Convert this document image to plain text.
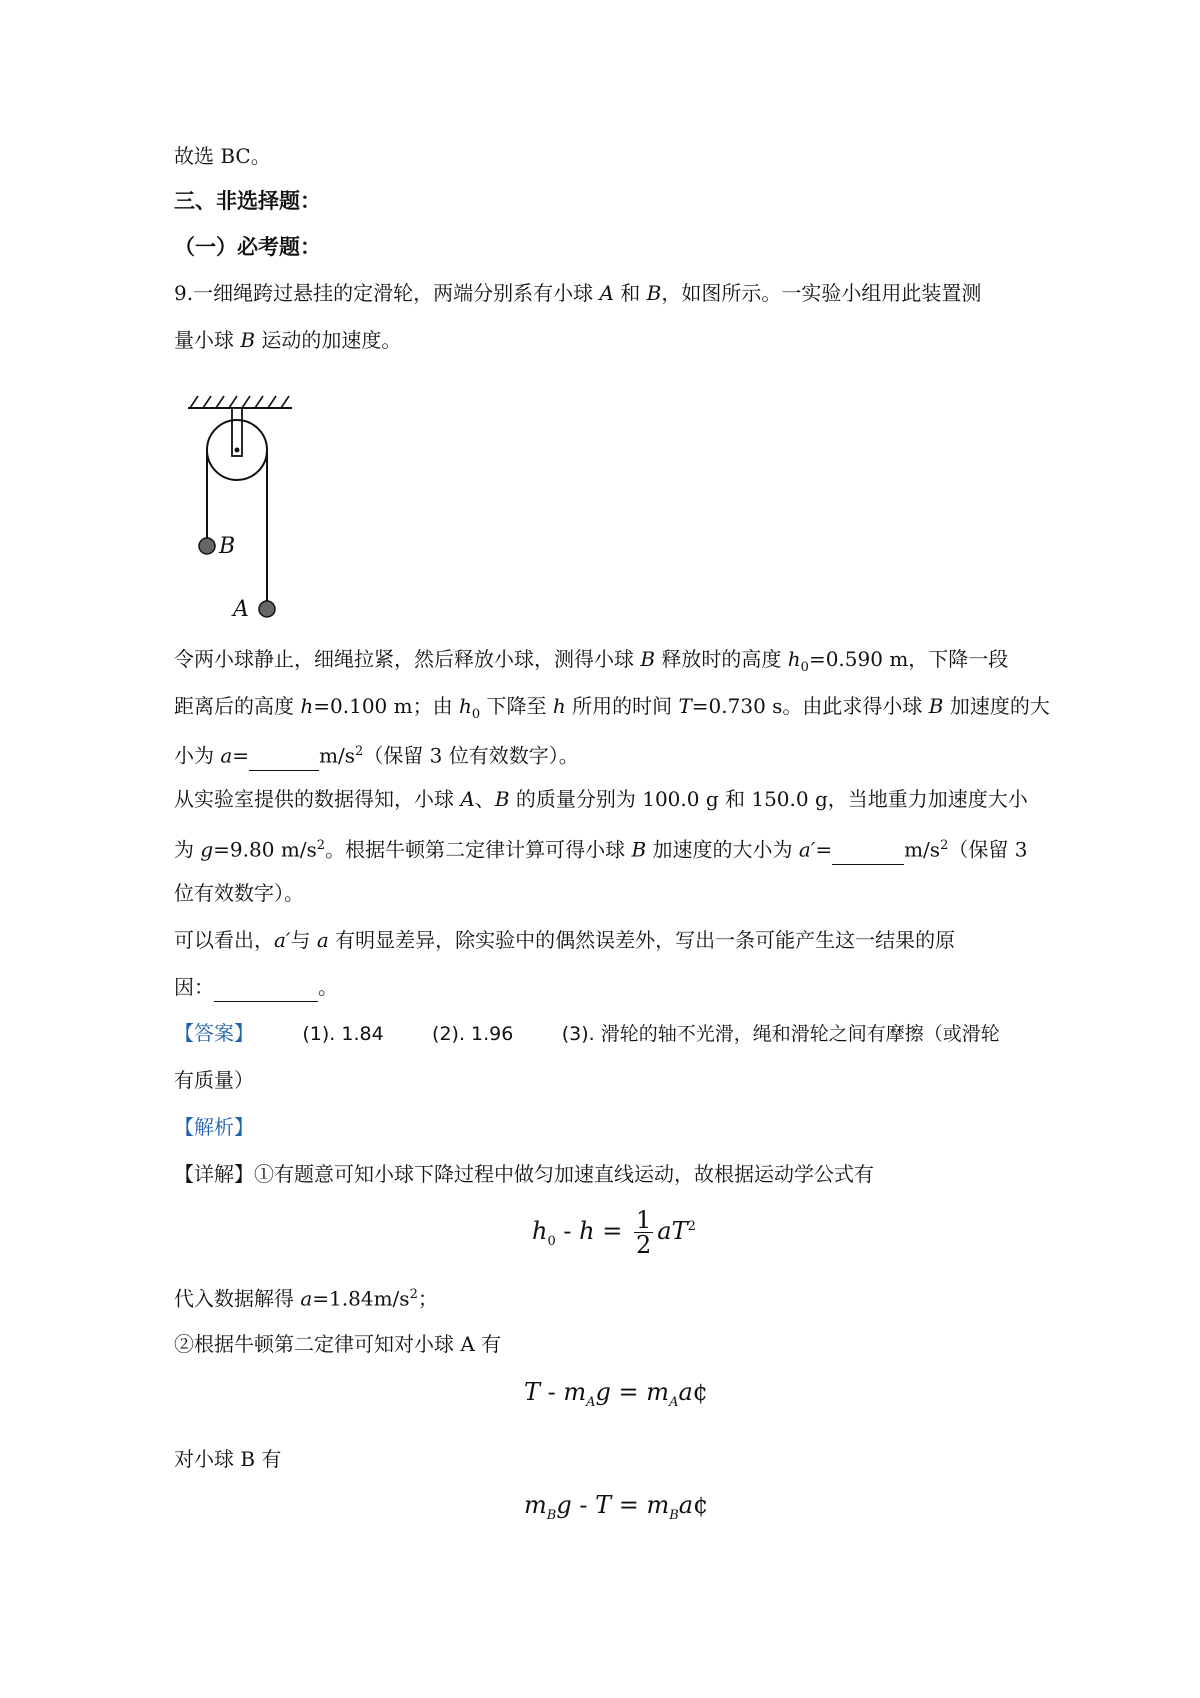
故选 BC。
三、非选择题：
（一）必考题：
9.一细绳跨过悬挂的定滑轮，两端分别系有小球 A 和 B，如图所示。一实验小组用此装置测
量小球 B 运动的加速度。
B
A
令两小球静止，细绳拉紧，然后释放小球，测得小球 B 释放时的高度 $h_0=0.590$ m，下降一段
距离后的高度 h=0.100 m；由 $h_0$ 下降至 h 所用的时间 T=0.730 s。由此求得小球 B 加速度的大
小为 a=	$m/s^2$（保留 3 位有效数字）。
从实验室提供的数据得知，小球 A、B 的质量分别为 100.0 g 和 150.0 g，当地重力加速度大小
为 g=9.80 $m/s^2$。根据牛顿第二定律计算可得小球 B 加速度的大小为 a′=	$m/s^2$（保留 3
位有效数字）。
可以看出，a′与 a 有明显差异，除实验中的偶然误差外，写出一条可能产生这一结果的原
因：	。
【答案】	(1). 1.84	(2). 1.96	(3). 滑轮的轴不光滑，绳和滑轮之间有摩擦（或滑轮
有质量）
【解析】
【详解】①有题意可知小球下降过程中做匀加速直线运动，故根据运动学公式有
$h_0 - h = \frac{1}{2} aT^2$
代入数据解得 $a=1.84m/s^2$；
②根据牛顿第二定律可知对小球 A 有
T - $m_Ag$ = $m_Aa¢$
对小球 B 有
$m_Bg$ - $T = m_Ba¢$
